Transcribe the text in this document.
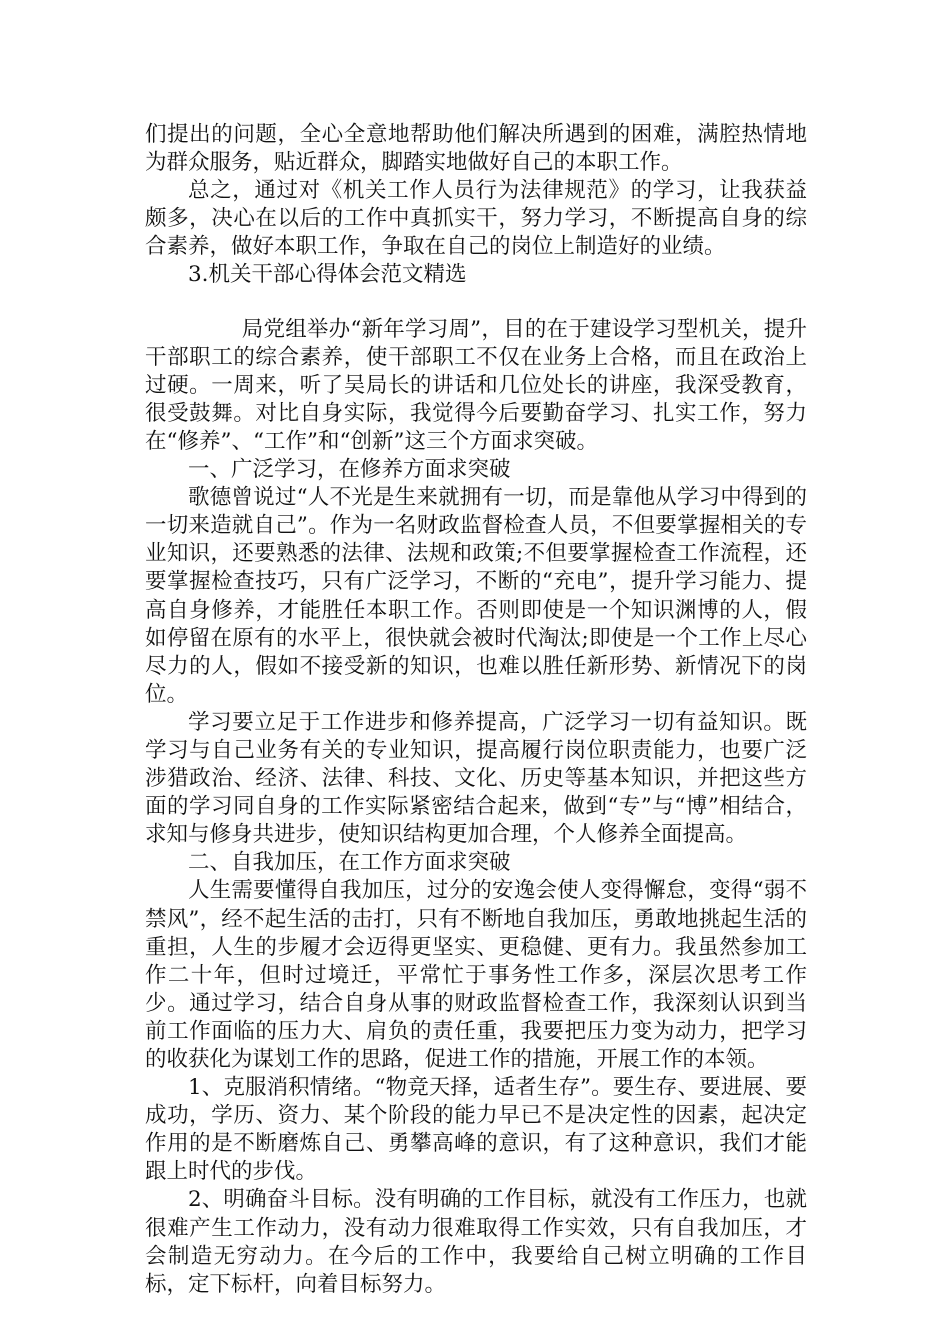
们提出的问题，全心全意地帮助他们解决所遇到的困难，满腔热情地为群众服务，贴近群众，脚踏实地做好自己的本职工作。

总之，通过对《机关工作人员行为法律规范》的学习，让我获益颇多，决心在以后的工作中真抓实干，努力学习，不断提高自身的综合素养，做好本职工作，争取在自己的岗位上制造好的业绩。

3.机关干部心得体会范文精选

局党组举办“新年学习周”，目的在于建设学习型机关，提升干部职工的综合素养，使干部职工不仅在业务上合格，而且在政治上过硬。一周来，听了吴局长的讲话和几位处长的讲座，我深受教育，很受鼓舞。对比自身实际，我觉得今后要勤奋学习、扎实工作，努力在“修养”、“工作”和“创新”这三个方面求突破。

一、广泛学习，在修养方面求突破

歌德曾说过“人不光是生来就拥有一切，而是靠他从学习中得到的一切来造就自己”。作为一名财政监督检查人员，不但要掌握相关的专业知识，还要熟悉的法律、法规和政策;不但要掌握检查工作流程，还要掌握检查技巧，只有广泛学习，不断的“充电”，提升学习能力、提高自身修养，才能胜任本职工作。否则即使是一个知识渊博的人，假如停留在原有的水平上，很快就会被时代淘汰;即使是一个工作上尽心尽力的人，假如不接受新的知识，也难以胜任新形势、新情况下的岗位。

学习要立足于工作进步和修养提高，广泛学习一切有益知识。既学习与自己业务有关的专业知识，提高履行岗位职责能力，也要广泛涉猎政治、经济、法律、科技、文化、历史等基本知识，并把这些方面的学习同自身的工作实际紧密结合起来，做到“专”与“博”相结合，求知与修身共进步，使知识结构更加合理，个人修养全面提高。

二、自我加压，在工作方面求突破

人生需要懂得自我加压，过分的安逸会使人变得懈怠，变得“弱不禁风”，经不起生活的击打，只有不断地自我加压，勇敢地挑起生活的重担，人生的步履才会迈得更坚实、更稳健、更有力。我虽然参加工作二十年，但时过境迁，平常忙于事务性工作多，深层次思考工作少。通过学习，结合自身从事的财政监督检查工作，我深刻认识到当前工作面临的压力大、肩负的责任重，我要把压力变为动力，把学习的收获化为谋划工作的思路，促进工作的措施，开展工作的本领。

1、克服消积情绪。“物竞天择，适者生存”。要生存、要进展、要成功，学历、资力、某个阶段的能力早已不是决定性的因素，起决定作用的是不断磨炼自己、勇攀高峰的意识，有了这种意识，我们才能跟上时代的步伐。

2、明确奋斗目标。没有明确的工作目标，就没有工作压力，也就很难产生工作动力，没有动力很难取得工作实效，只有自我加压，才会制造无穷动力。在今后的工作中，我要给自己树立明确的工作目标，定下标杆，向着目标努力。
